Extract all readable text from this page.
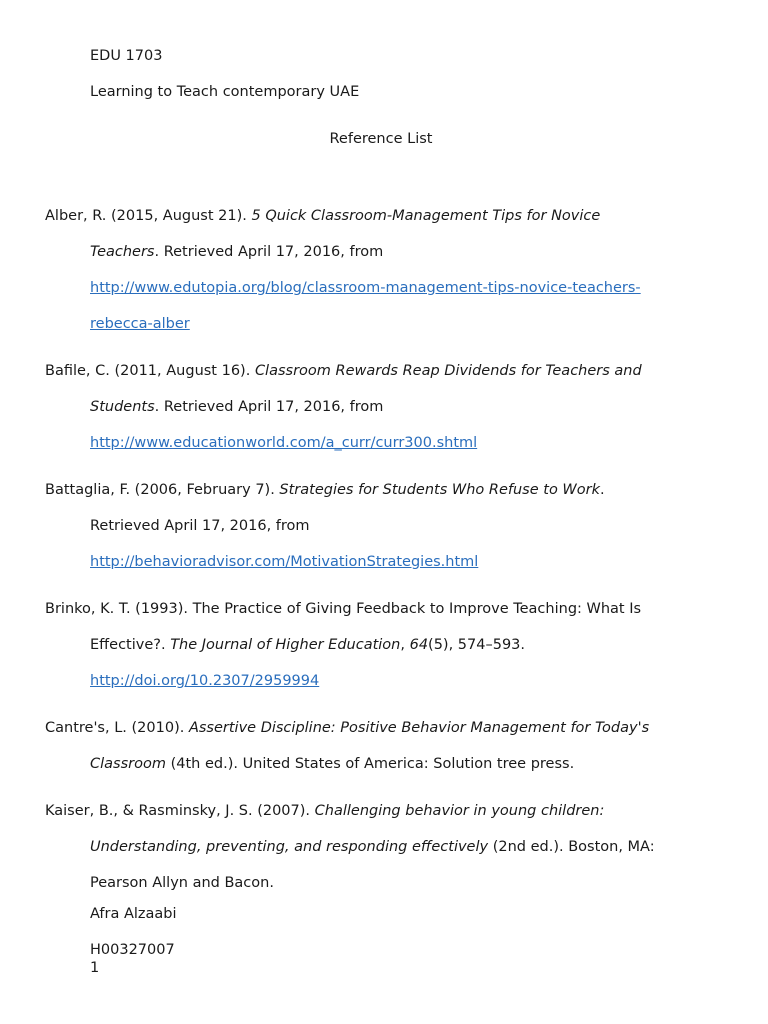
EDU 1703
Learning to Teach contemporary UAE
Reference List
Alber, R. (2015, August 21). 5 Quick Classroom-Management Tips for Novice
Teachers. Retrieved April 17, 2016, from
http://www.edutopia.org/blog/classroom-management-tips-novice-teachers-
rebecca-alber
Bafile, C. (2011, August 16). Classroom Rewards Reap Dividends for Teachers and
Students. Retrieved April 17, 2016, from
http://www.educationworld.com/a_curr/curr300.shtml
Battaglia, F. (2006, February 7). Strategies for Students Who Refuse to Work.
Retrieved April 17, 2016, from
http://behavioradvisor.com/MotivationStrategies.html
Brinko, K. T. (1993). The Practice of Giving Feedback to Improve Teaching: What Is
Effective?. The Journal of Higher Education, 64(5), 574–593.
http://doi.org/10.2307/2959994
Cantre's, L. (2010). Assertive Discipline: Positive Behavior Management for Today's
Classroom (4th ed.). United States of America: Solution tree press.
Kaiser, B., & Rasminsky, J. S. (2007). Challenging behavior in young children:
Understanding, preventing, and responding effectively (2nd ed.). Boston, MA:
Pearson Allyn and Bacon.
Afra Alzaabi
H00327007
1
